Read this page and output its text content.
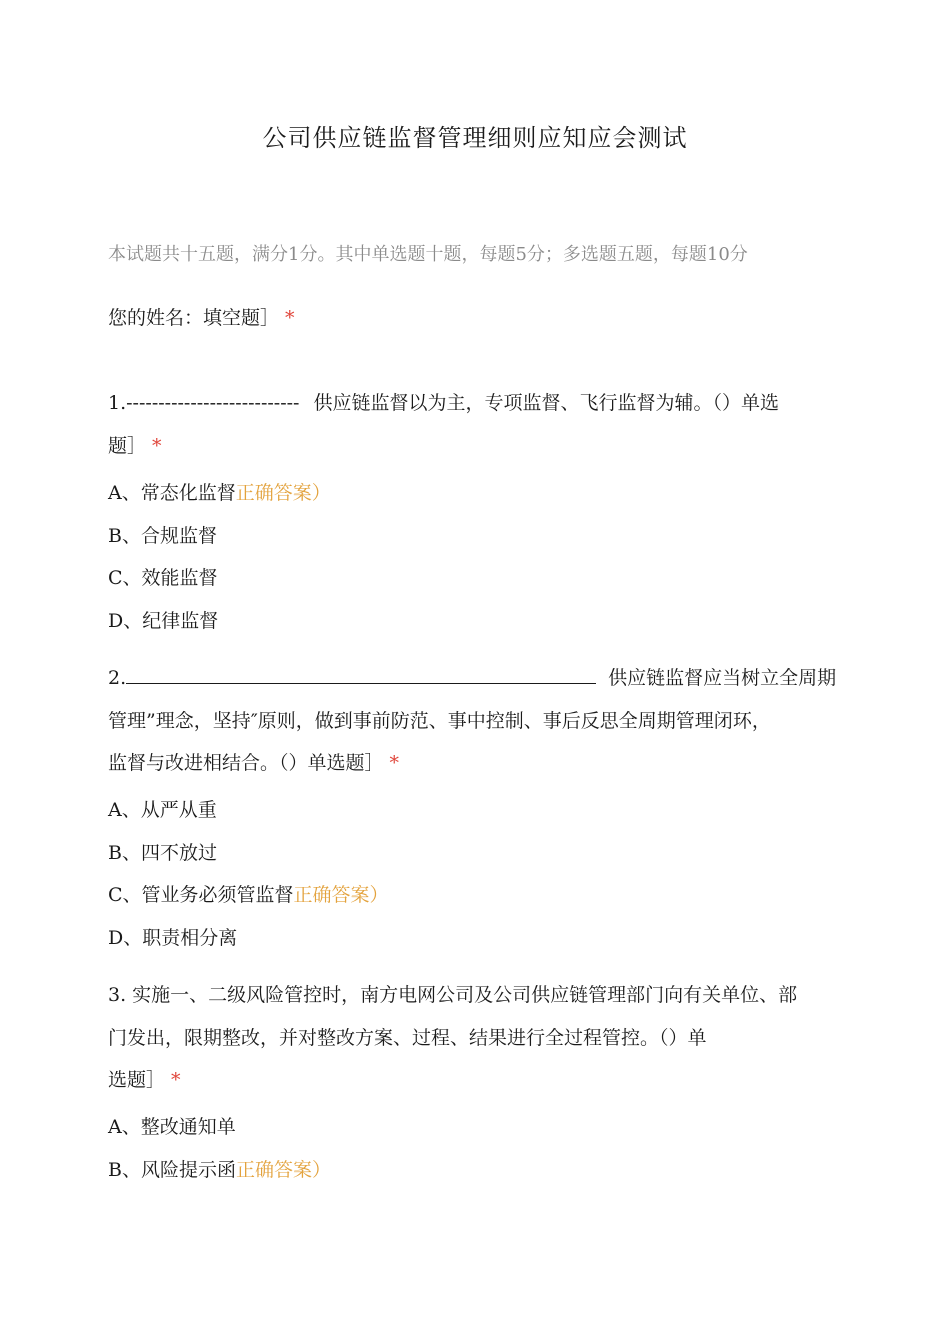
公司供应链监督管理细则应知应会测试
本试题共十五题，满分1分。其中单选题十题，每题5分；多选题五题，每题10分
您的姓名：填空题］ *
1.--------------------------- 供应链监督以为主，专项监督、飞行监督为辅。（）单选
题］ *
A、常态化监督正确答案）
B、合规监督
C、效能监督
D、纪律监督
2.	供应链监督应当树立全周期
管理”理念，坚持″原则，做到事前防范、事中控制、事后反思全周期管理闭环，
监督与改进相结合。（）单选题］ *
A、从严从重
B、四不放过
C、管业务必须管监督正确答案）
D、职责相分离
3. 实施一、二级风险管控时，南方电网公司及公司供应链管理部门向有关单位、部
门发出，限期整改，并对整改方案、过程、结果进行全过程管控。（）单
选题］ *
A、整改通知单
B、风险提示函正确答案）
